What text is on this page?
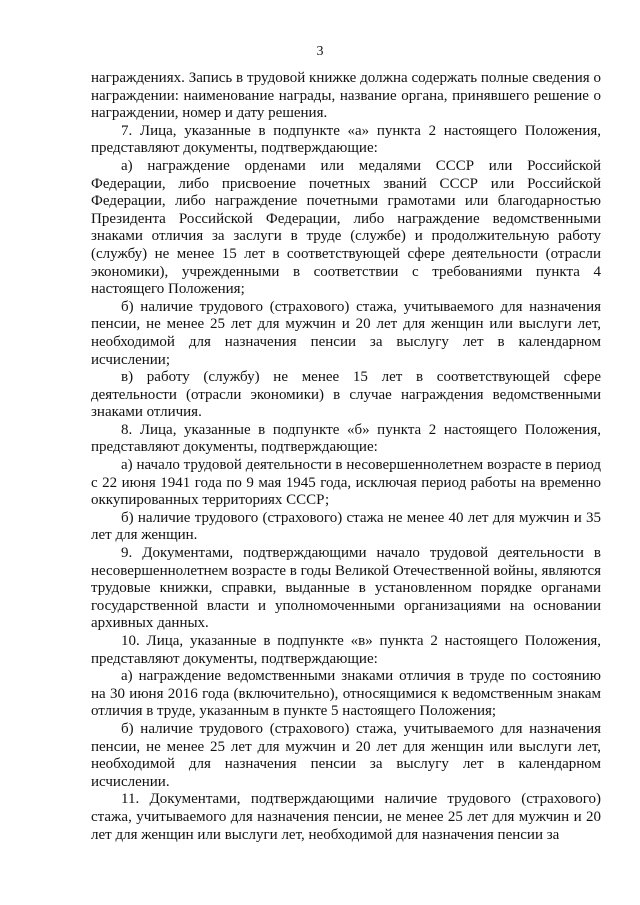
3

награждениях. Запись в трудовой книжке должна содержать полные сведения о награждении: наименование награды, название органа, принявшего решение о награждении, номер и дату решения.

7. Лица, указанные в подпункте «а» пункта 2 настоящего Положения, представляют документы, подтверждающие:

а) награждение орденами или медалями СССР или Российской Федерации, либо присвоение почетных званий СССР или Российской Федерации, либо награждение почетными грамотами или благодарностью Президента Российской Федерации, либо награждение ведомственными знаками отличия за заслуги в труде (службе) и продолжительную работу (службу) не менее 15 лет в соответствующей сфере деятельности (отрасли экономики), учрежденными в соответствии с требованиями пункта 4 настоящего Положения;

б) наличие трудового (страхового) стажа, учитываемого для назначения пенсии, не менее 25 лет для мужчин и 20 лет для женщин или выслуги лет, необходимой для назначения пенсии за выслугу лет в календарном исчислении;

в) работу (службу) не менее 15 лет в соответствующей сфере деятельности (отрасли экономики) в случае награждения ведомственными знаками отличия.

8. Лица, указанные в подпункте «б» пункта 2 настоящего Положения, представляют документы, подтверждающие:

а) начало трудовой деятельности в несовершеннолетнем возрасте в период с 22 июня 1941 года по 9 мая 1945 года, исключая период работы на временно оккупированных территориях СССР;

б) наличие трудового (страхового) стажа не менее 40 лет для мужчин и 35 лет для женщин.

9. Документами, подтверждающими начало трудовой деятельности в несовершеннолетнем возрасте в годы Великой Отечественной войны, являются трудовые книжки, справки, выданные в установленном порядке органами государственной власти и уполномоченными организациями на основании архивных данных.

10. Лица, указанные в подпункте «в» пункта 2 настоящего Положения, представляют документы, подтверждающие:

а) награждение ведомственными знаками отличия в труде по состоянию на 30 июня 2016 года (включительно), относящимися к ведомственным знакам отличия в труде, указанным в пункте 5 настоящего Положения;

б) наличие трудового (страхового) стажа, учитываемого для назначения пенсии, не менее 25 лет для мужчин и 20 лет для женщин или выслуги лет, необходимой для назначения пенсии за выслугу лет в календарном исчислении.

11. Документами, подтверждающими наличие трудового (страхового) стажа, учитываемого для назначения пенсии, не менее 25 лет для мужчин и 20 лет для женщин или выслуги лет, необходимой для назначения пенсии за
